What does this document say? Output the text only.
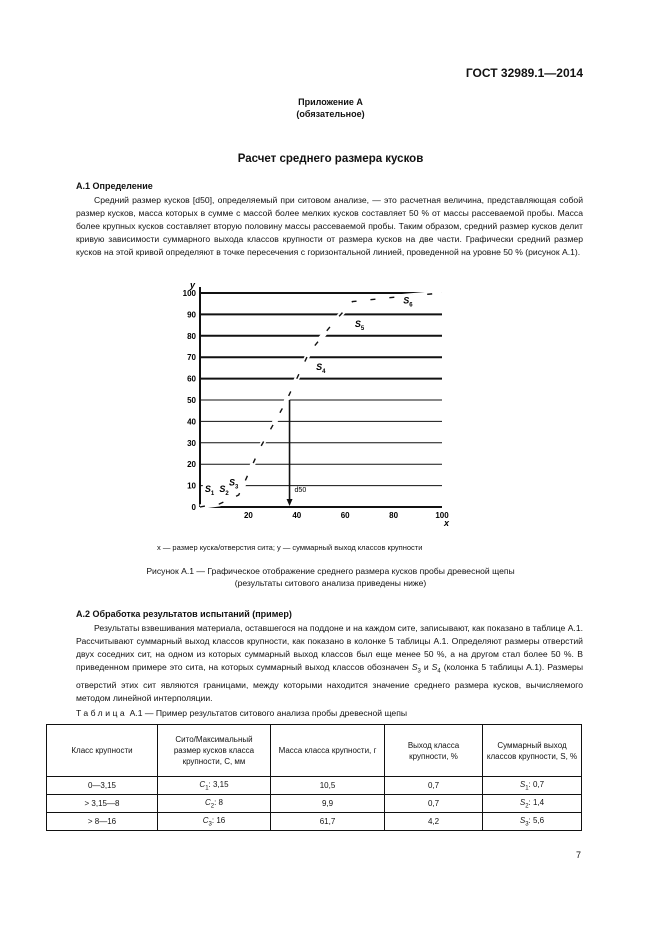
ГОСТ 32989.1—2014
Приложение А
(обязательное)
Расчет среднего размера кусков
А.1 Определение

Средний размер кусков [d50], определяемый при ситовом анализе, — это расчетная величина, представляющая собой размер кусков, масса которых в сумме с массой более мелких кусков составляет 50 % от массы рассеваемой пробы. Масса более крупных кусков составляет вторую половину массы рассеваемой пробы. Таким образом, средний размер кусков делит кривую зависимости суммарного выхода классов крупности от размера кусков на две части. Графически средний размер кусков на этой кривой определяют в точке пересечения с горизонтальной линией, проведенной на уровне 50 % (рисунок А.1).

0
10
20
30
40
50
60
70
80
90
100
20	40	60	80	100
y
x
d50
S 1 S 2
S 3
S 4
S 5
S 6
x — размер куска/отверстия сита; y — суммарный выход классов крупности
Рисунок А.1 — Графическое отображение среднего размера кусков пробы древесной щепы
(результаты ситового анализа приведены ниже)
А.2 Обработка результатов испытаний (пример)

Результаты взвешивания материала, оставшегося на поддоне и на каждом сите, записывают, как показано в таблице А.1. Рассчитывают суммарный выход классов крупности, как показано в колонке 5 таблицы А.1. Определяют размеры отверстий двух соседних сит, на одном из которых суммарный выход классов был еще менее 50 %, а на другом стал более 50 %. В приведенном примере это сита, на которых суммарный выход классов обозначен $S_3$ и $S_4$ (колонка 5 таблицы А.1). Размеры отверстий этих сит являются границами, между которыми находится значение среднего размера кусков, вычисляемого методом линейной интерполяции.

Таблица А.1 — Пример результатов ситового анализа пробы древесной щепы
Класс крупности	Сито/Максимальный размер кусков класса крупности, C, мм	Масса класса крупности, г	Выход класса крупности, %	Суммарный выход классов крупности, S, %
0—3,15	$C_1$: 3,15	10,5	0,7	$S_1$: 0,7
> 3,15—8	$C_2$: 8	9,9	0,7	$S_2$: 1,4
> 8—16	$C_3$: 16	61,7	4,2	$S_3$: 5,6
7
